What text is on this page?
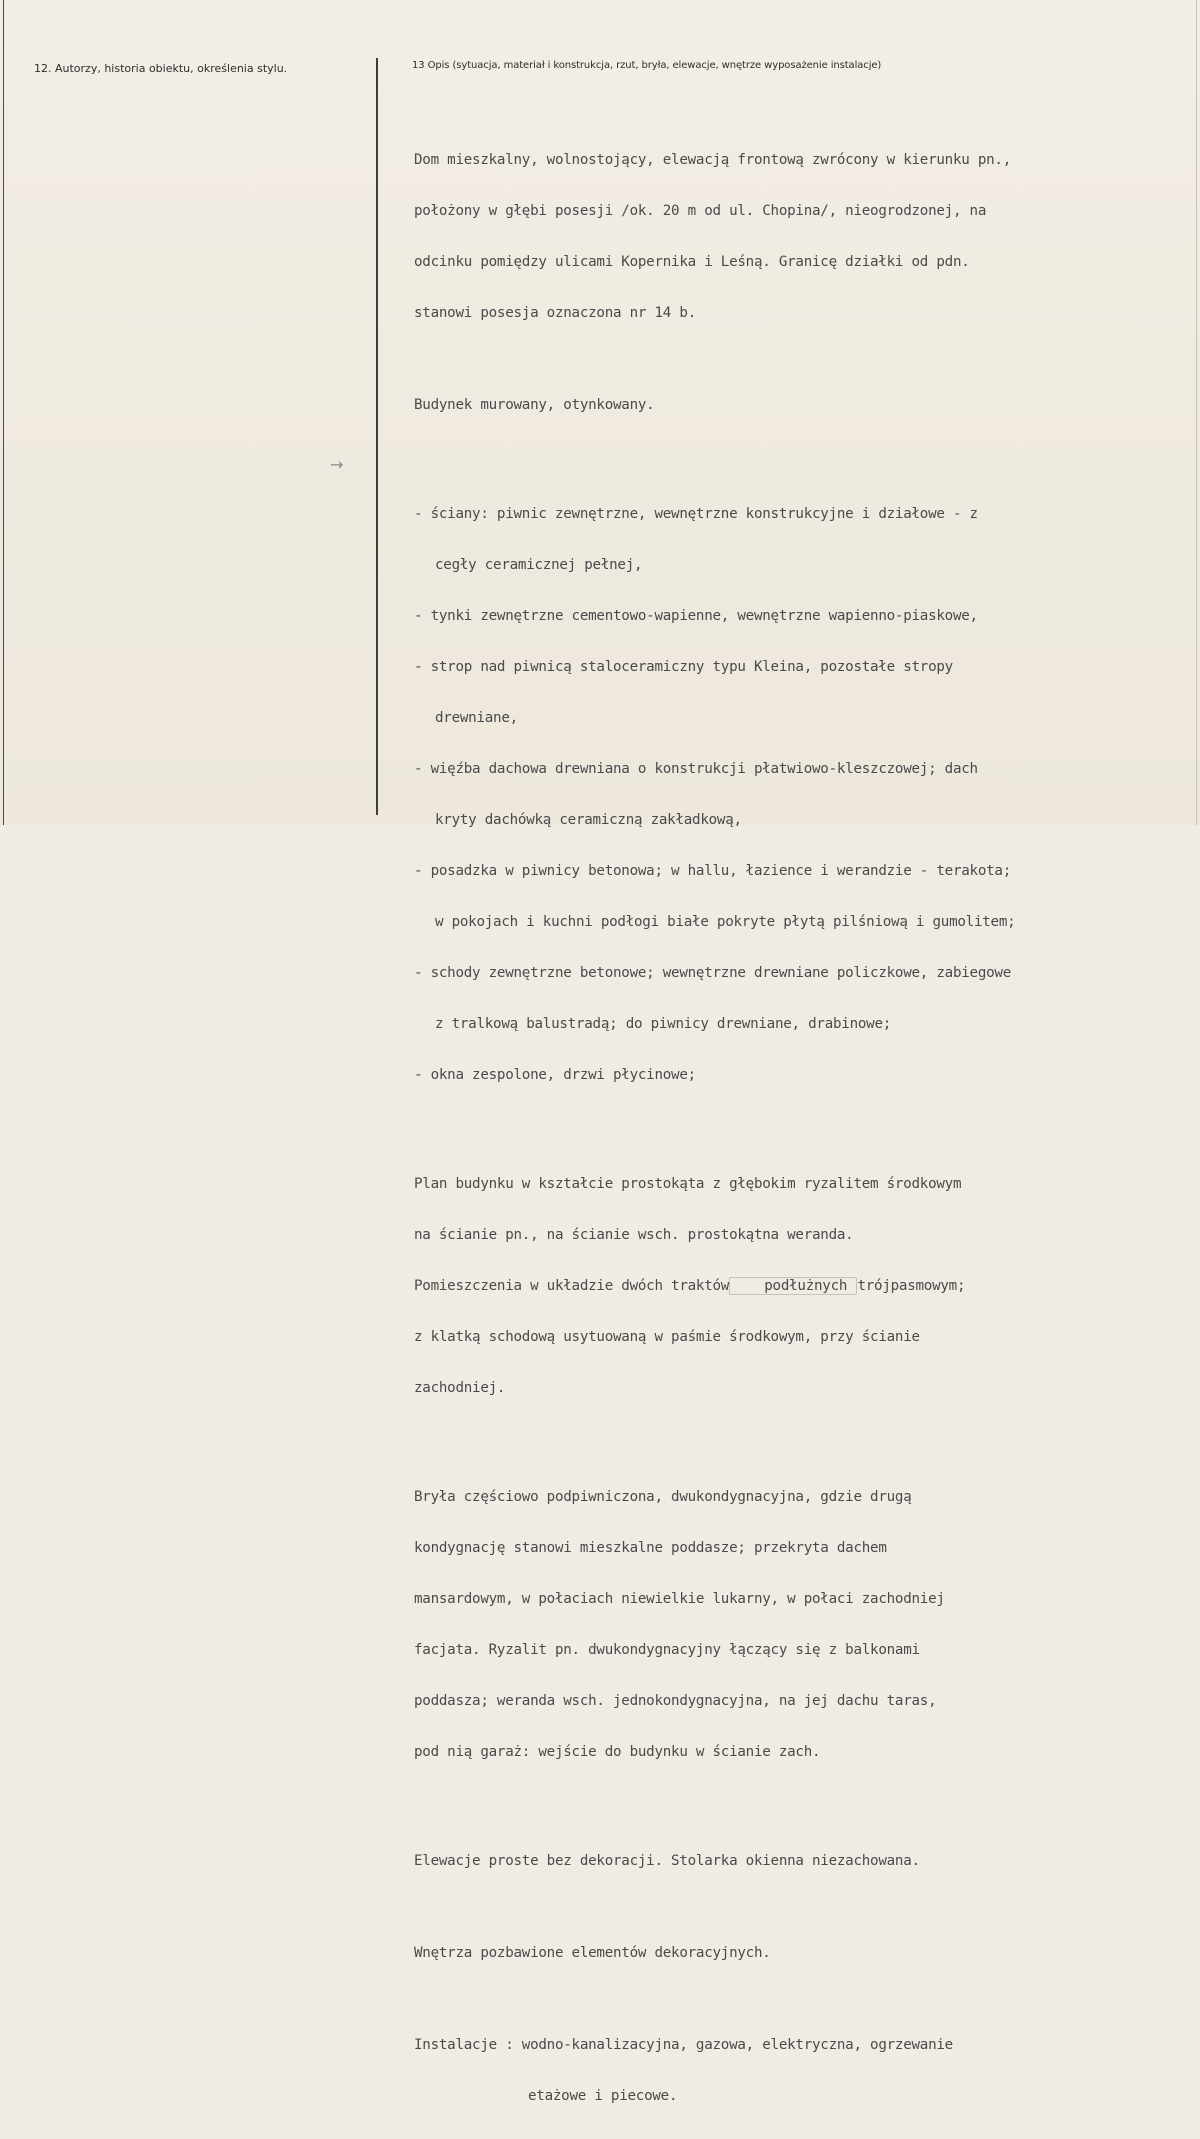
12. Autorzy, historia obiektu, określenia stylu.	13 Opis (sytuacja, materiał i konstrukcja, rzut, bryła, elewacje, wnętrze wyposażenie instalacje)
→

Dom mieszkalny, wolnostojący, elewacją frontową zwrócony w kierunku pn.,

położony w głębi posesji /ok. 20 m od ul. Chopina/, nieogrodzonej, na

odcinku pomiędzy ulicami Kopernika i Leśną. Granicę działki od pdn.

stanowi posesja oznaczona nr 14 b.

Budynek murowany, otynkowany.

- ściany: piwnic zewnętrzne, wewnętrzne konstrukcyjne i działowe - z

cegły ceramicznej pełnej,

- tynki zewnętrzne cementowo-wapienne, wewnętrzne wapienno-piaskowe,

- strop nad piwnicą staloceramiczny typu Kleina, pozostałe stropy

drewniane,

- więźba dachowa drewniana o konstrukcji płatwiowo-kleszczowej; dach

kryty dachówką ceramiczną zakładkową,

- posadzka w piwnicy betonowa; w hallu, łazience i werandzie - terakota;

w pokojach i kuchni podłogi białe pokryte płytą pilśniową i gumolitem;

- schody zewnętrzne betonowe; wewnętrzne drewniane policzkowe, zabiegowe

z tralkową balustradą; do piwnicy drewniane, drabinowe;

- okna zespolone, drzwi płycinowe;

Plan budynku w kształcie prostokąta z głębokim ryzalitem środkowym

na ścianie pn., na ścianie wsch. prostokątna weranda.

Pomieszczenia w układzie dwóch traktów    podłużnych trójpasmowym;

z klatką schodową usytuowaną w paśmie środkowym, przy ścianie

zachodniej.

Bryła częściowo podpiwniczona, dwukondygnacyjna, gdzie drugą

kondygnację stanowi mieszkalne poddasze; przekryta dachem

mansardowym, w połaciach niewielkie lukarny, w połaci zachodniej

facjata. Ryzalit pn. dwukondygnacyjny łączący się z balkonami

poddasza; weranda wsch. jednokondygnacyjna, na jej dachu taras,

pod nią garaż: wejście do budynku w ścianie zach.

Elewacje proste bez dekoracji. Stolarka okienna niezachowana.

Wnętrza pozbawione elementów dekoracyjnych.

Instalacje : wodno-kanalizacyjna, gazowa, elektryczna, ogrzewanie

etażowe i piecowe.
